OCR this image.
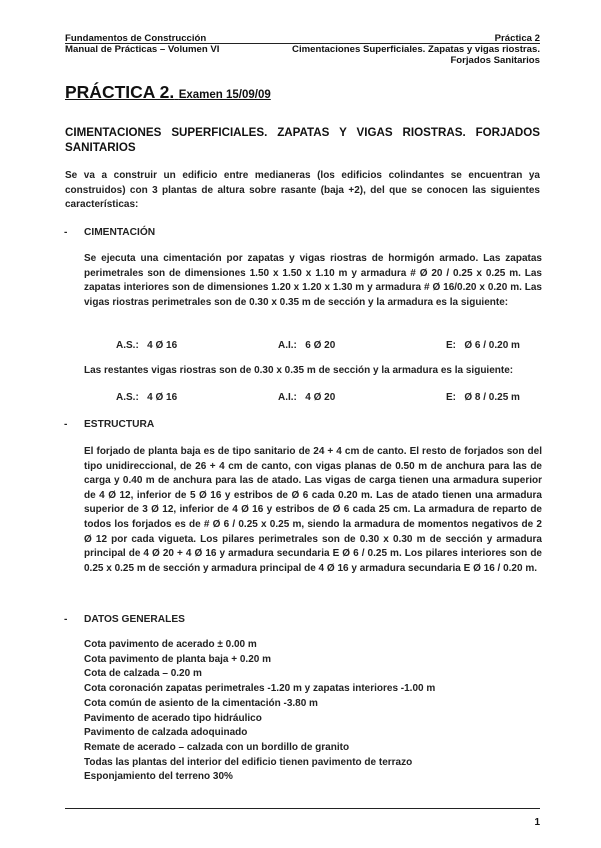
Fundamentos de Construcción	Práctica 2
Manual de Prácticas – Volumen VI	Cimentaciones Superficiales. Zapatas y vigas riostras.
Forjados Sanitarios
PRÁCTICA 2. Examen 15/09/09
CIMENTACIONES SUPERFICIALES. ZAPATAS Y VIGAS RIOSTRAS. FORJADOS SANITARIOS
Se va a construir un edificio entre medianeras (los edificios colindantes se encuentran ya construidos) con 3 plantas de altura sobre rasante (baja +2), del que se conocen las siguientes características:
- CIMENTACIÓN
Se ejecuta una cimentación por zapatas y vigas riostras de hormigón armado. Las zapatas perimetrales son de dimensiones 1.50 x 1.50 x 1.10 m y armadura # Ø 20 / 0.25 x 0.25 m. Las zapatas interiores son de dimensiones 1.20 x 1.20 x 1.30 m y armadura # Ø 16/0.20 x 0.20 m. Las vigas riostras perimetrales son de 0.30 x 0.35 m de sección y la armadura es la siguiente:
A.S.: 4 Ø 16	A.I.: 6 Ø 20	E: Ø 6 / 0.20 m
Las restantes vigas riostras son de 0.30 x 0.35 m de sección y la armadura es la siguiente:
A.S.: 4 Ø 16	A.I.: 4 Ø 20	E: Ø 8 / 0.25 m
- ESTRUCTURA
El forjado de planta baja es de tipo sanitario de 24 + 4 cm de canto. El resto de forjados son del tipo unidireccional, de 26 + 4 cm de canto, con vigas planas de 0.50 m de anchura para las de carga y 0.40 m de anchura para las de atado. Las vigas de carga tienen una armadura superior de 4 Ø 12, inferior de 5 Ø 16 y estribos de Ø 6 cada 0.20 m. Las de atado tienen una armadura superior de 3 Ø 12, inferior de 4 Ø 16 y estribos de Ø 6 cada 25 cm. La armadura de reparto de todos los forjados es de # Ø 6 / 0.25 x 0.25 m, siendo la armadura de momentos negativos de 2 Ø 12 por cada vigueta. Los pilares perimetrales son de 0.30 x 0.30 m de sección y armadura principal de 4 Ø 20 + 4 Ø 16 y armadura secundaria E Ø 6 / 0.25 m. Los pilares interiores son de 0.25 x 0.25 m de sección y armadura principal de 4 Ø 16 y armadura secundaria E Ø 16 / 0.20 m.
- DATOS GENERALES
Cota pavimento de acerado ± 0.00 m
Cota pavimento de planta baja + 0.20 m
Cota de calzada – 0.20 m
Cota coronación zapatas perimetrales -1.20 m y zapatas interiores -1.00 m
Cota común de asiento de la cimentación -3.80 m
Pavimento de acerado tipo hidráulico
Pavimento de calzada adoquinado
Remate de acerado – calzada con un bordillo de granito
Todas las plantas del interior del edificio tienen pavimento de terrazo
Esponjamiento del terreno 30%
1
